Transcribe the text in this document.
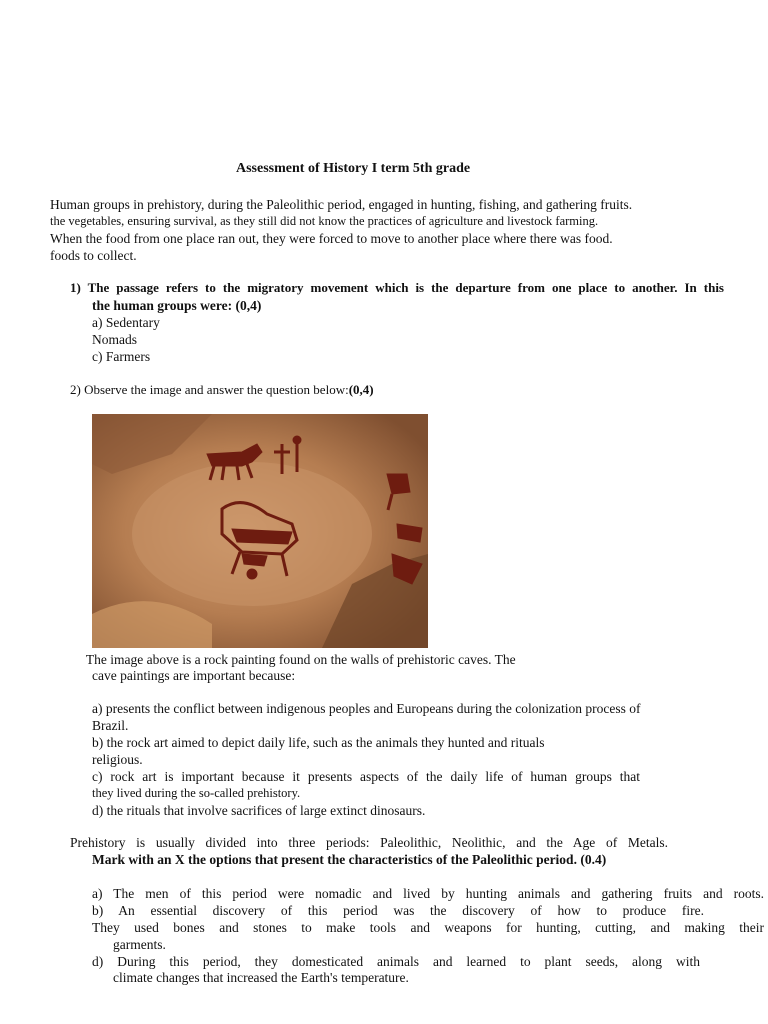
Assessment of History I term 5th grade
Human groups in prehistory, during the Paleolithic period, engaged in hunting, fishing, and gathering fruits.
the vegetables, ensuring survival, as they still did not know the practices of agriculture and livestock farming.
When the food from one place ran out, they were forced to move to another place where there was food.
foods to collect.
1) The passage refers to the migratory movement which is the departure from one place to another. In this
the human groups were: (0,4)
a) Sedentary
Nomads
c) Farmers
2) Observe the image and answer the question below:(0,4)
The image above is a rock painting found on the walls of prehistoric caves. The
cave paintings are important because:
a) presents the conflict between indigenous peoples and Europeans during the colonization process of
Brazil.
b) the rock art aimed to depict daily life, such as the animals they hunted and rituals
religious.
c) rock art is important because it presents aspects of the daily life of human groups that
they lived during the so-called prehistory.
d) the rituals that involve sacrifices of large extinct dinosaurs.
Prehistory is usually divided into three periods: Paleolithic, Neolithic, and the Age of Metals.
Mark with an X the options that present the characteristics of the Paleolithic period. (0.4)
a) The men of this period were nomadic and lived by hunting animals and gathering fruits and roots.
b) An essential discovery of this period was the discovery of how to produce fire.
They used bones and stones to make tools and weapons for hunting, cutting, and making their
garments.
d) During this period, they domesticated animals and learned to plant seeds, along with
climate changes that increased the Earth's temperature.
